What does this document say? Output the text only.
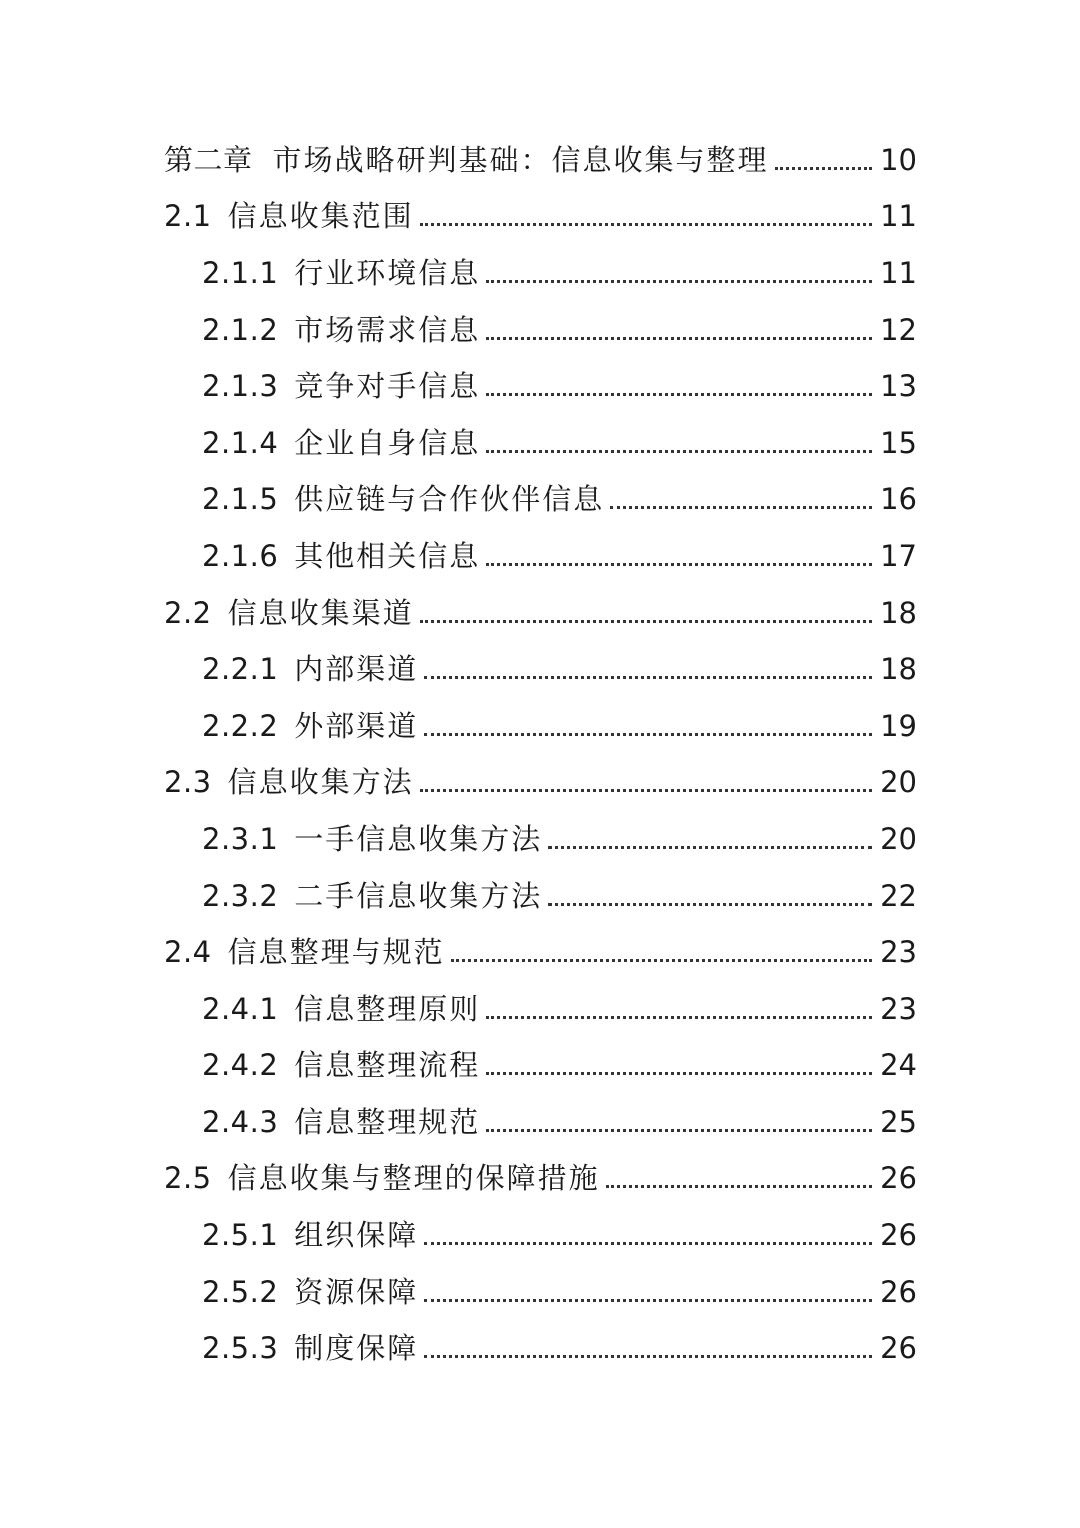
第二章 市场战略研判基础：信息收集与整理	10
2.1 信息收集范围	11
2.1.1 行业环境信息	11
2.1.2 市场需求信息	12
2.1.3 竞争对手信息	13
2.1.4 企业自身信息	15
2.1.5 供应链与合作伙伴信息	16
2.1.6 其他相关信息	17
2.2 信息收集渠道	18
2.2.1 内部渠道	18
2.2.2 外部渠道	19
2.3 信息收集方法	20
2.3.1 一手信息收集方法	20
2.3.2 二手信息收集方法	22
2.4 信息整理与规范	23
2.4.1 信息整理原则	23
2.4.2 信息整理流程	24
2.4.3 信息整理规范	25
2.5 信息收集与整理的保障措施	26
2.5.1 组织保障	26
2.5.2 资源保障	26
2.5.3 制度保障	26
